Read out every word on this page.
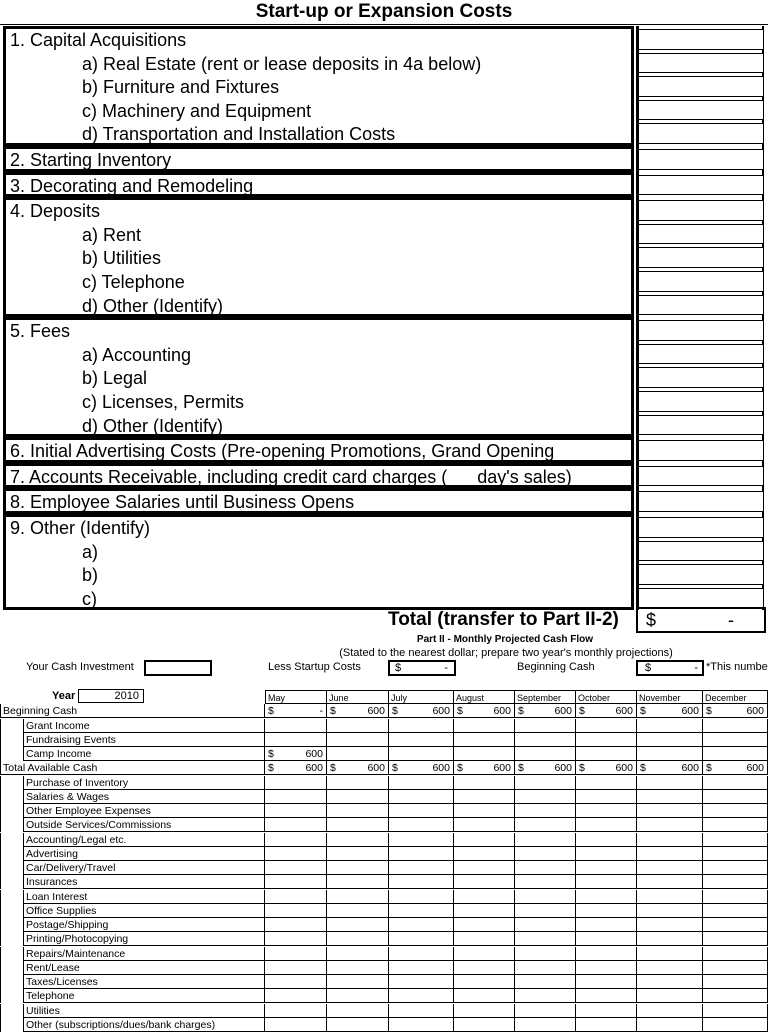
Start-up or Expansion Costs
1. Capital Acquisitions
a) Real Estate (rent or lease deposits in 4a below)
b) Furniture and Fixtures
c) Machinery and Equipment
d) Transportation and Installation Costs
2. Starting Inventory
3. Decorating and Remodeling
4. Deposits
a) Rent
b) Utilities
c) Telephone
d) Other (Identify)
5. Fees
a) Accounting
b) Legal
c) Licenses, Permits
d) Other (Identify)
6. Initial Advertising Costs (Pre-opening Promotions, Grand Opening
7. Accounts Receivable, including credit card charges (___day's sales)
8. Employee Salaries until Business Opens
9. Other (Identify)
a)
b)
c)
Total (transfer to Part II-2) $	-
Part II - Monthly Projected Cash Flow
(Stated to the nearest dollar; prepare two year's monthly projections)
Your Cash Investment	Less Startup Costs	$	-	Beginning Cash	$	- *This numbe
Year	2010	May	June	July	August	September	October	November	December
Beginning Cash	$	- $	600 $	600 $	600 $	600 $	600 $	600 $	600
Grant Income
Fundraising Events
Camp Income	$	600
Total Available Cash	$	600 $	600 $	600 $	600 $	600 $	600 $	600 $	600
Purchase of Inventory
Salaries & Wages
Other Employee Expenses
Outside Services/Commissions
Accounting/Legal etc.
Advertising
Car/Delivery/Travel
Insurances
Loan Interest
Office Supplies
Postage/Shipping
Printing/Photocopying
Repairs/Maintenance
Rent/Lease
Taxes/Licenses
Telephone
Utilities
Other (subscriptions/dues/bank charges)
